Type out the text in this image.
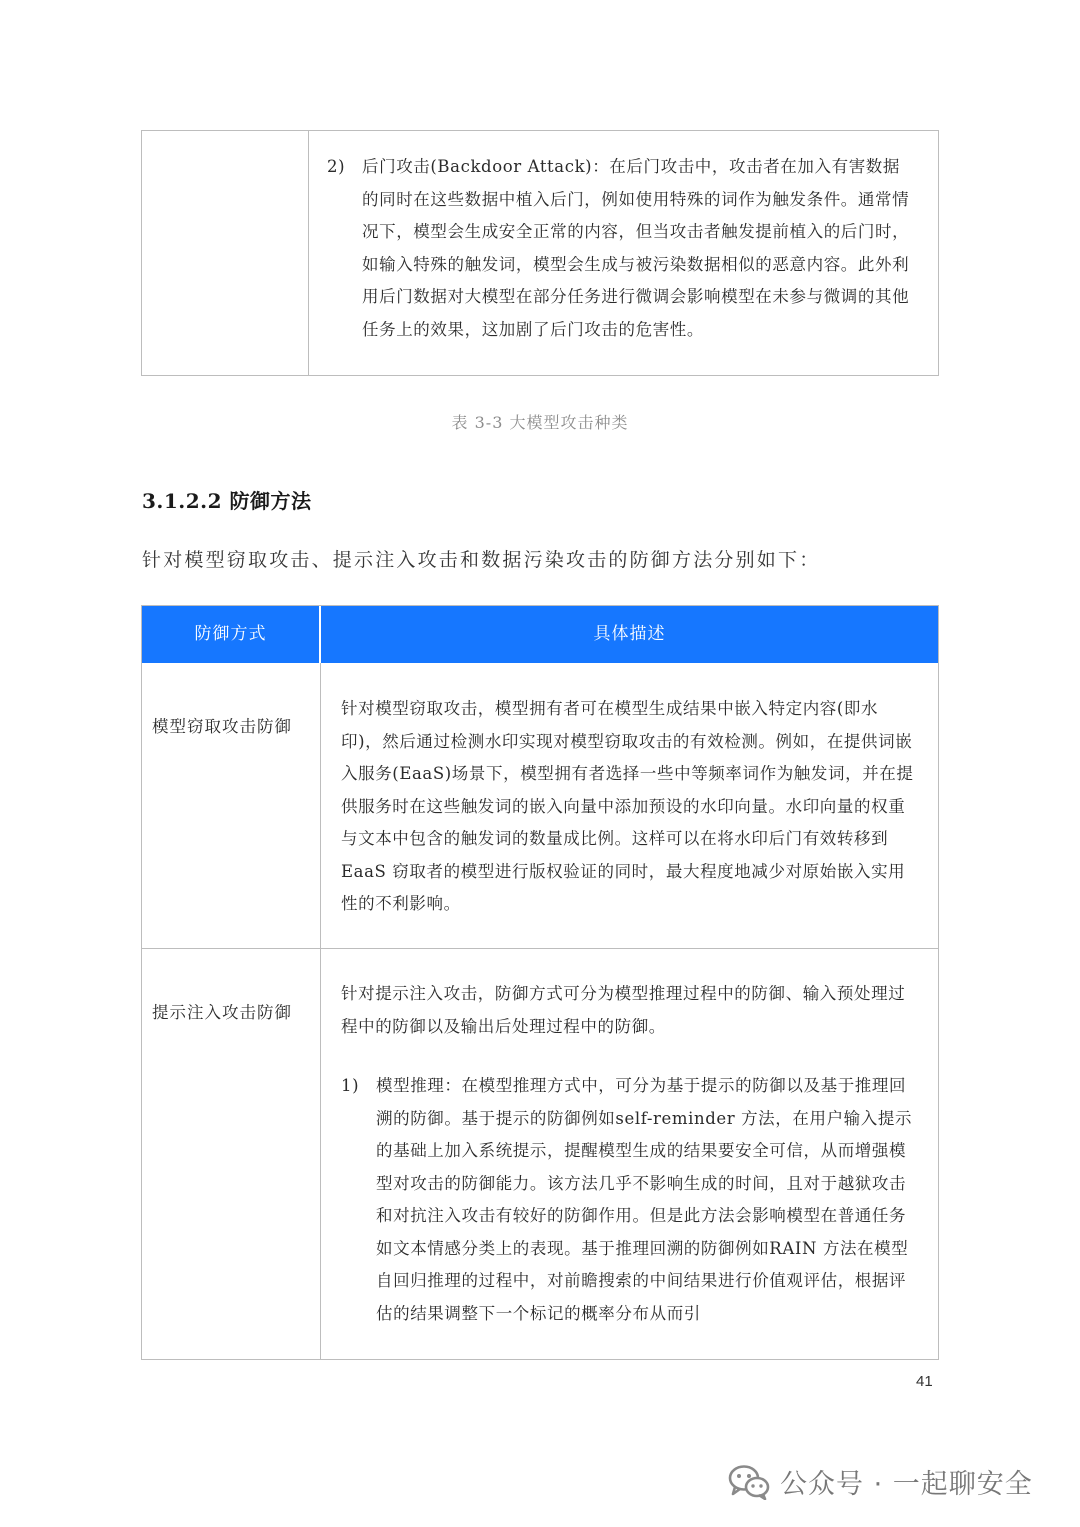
2) 后门攻击(Backdoor Attack)：在后门攻击中，攻击者在加入有害数据的同时在这些数据中植入后门，例如使用特殊的词作为触发条件。通常情况下，模型会生成安全正常的内容，但当攻击者触发提前植入的后门时，如输入特殊的触发词，模型会生成与被污染数据相似的恶意内容。此外利用后门数据对大模型在部分任务进行微调会影响模型在未参与微调的其他任务上的效果，这加剧了后门攻击的危害性。
表 3-3 大模型攻击种类
3.1.2.2 防御方法
针对模型窃取攻击、提示注入攻击和数据污染攻击的防御方法分别如下：
防御方式	具体描述
模型窃取攻击防御

针对模型窃取攻击，模型拥有者可在模型生成结果中嵌入特定内容(即水印)，然后通过检测水印实现对模型窃取攻击的有效检测。例如，在提供词嵌入服务(EaaS)场景下，模型拥有者选择一些中等频率词作为触发词，并在提供服务时在这些触发词的嵌入向量中添加预设的水印向量。水印向量的权重与文本中包含的触发词的数量成比例。这样可以在将水印后门有效转移到EaaS 窃取者的模型进行版权验证的同时，最大程度地减少对原始嵌入实用性的不利影响。

提示注入攻击防御

针对提示注入攻击，防御方式可分为模型推理过程中的防御、输入预处理过程中的防御以及输出后处理过程中的防御。

1) 模型推理：在模型推理方式中，可分为基于提示的防御以及基于推理回溯的防御。基于提示的防御例如self-reminder 方法，在用户输入提示的基础上加入系统提示，提醒模型生成的结果要安全可信，从而增强模型对攻击的防御能力。该方法几乎不影响生成的时间，且对于越狱攻击和对抗注入攻击有较好的防御作用。但是此方法会影响模型在普通任务如文本情感分类上的表现。基于推理回溯的防御例如RAIN 方法在模型自回归推理的过程中，对前瞻搜索的中间结果进行价值观评估，根据评估的结果调整下一个标记的概率分布从而引
41
公众号 · 一起聊安全
